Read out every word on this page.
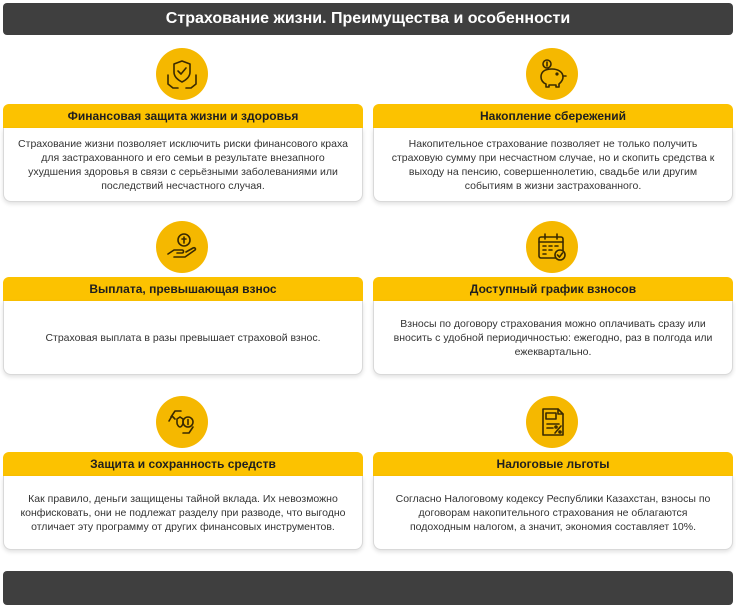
Страхование жизни. Преимущества и особенности
Финансовая защита жизни и здоровья
Страхование жизни позволяет исключить риски финансового краха для застрахованного и его семьи в результате внезапного ухудшения здоровья в связи с серьёзными заболеваниями или последствий несчастного случая.
Накопление сбережений
Накопительное страхование позволяет не только получить страховую сумму при несчастном случае, но и скопить средства к выходу на пенсию, совершеннолетию, свадьбе или другим событиям в жизни застрахованного.
Выплата, превышающая взнос
Страховая выплата в разы превышает страховой взнос.
Доступный график взносов
Взносы по договору страхования можно оплачивать сразу или вносить с удобной периодичностью: ежегодно, раз в полгода или ежеквартально.
Защита и сохранность средств
Как правило, деньги защищены тайной вклада. Их невозможно конфисковать, они не подлежат разделу при разводе, что выгодно отличает эту программу от других финансовых инструментов.
Налоговые льготы
Согласно Налоговому кодексу Республики Казахстан, взносы по договорам накопительного страхования не облагаются подоходным налогом, а значит, экономия составляет 10%.
